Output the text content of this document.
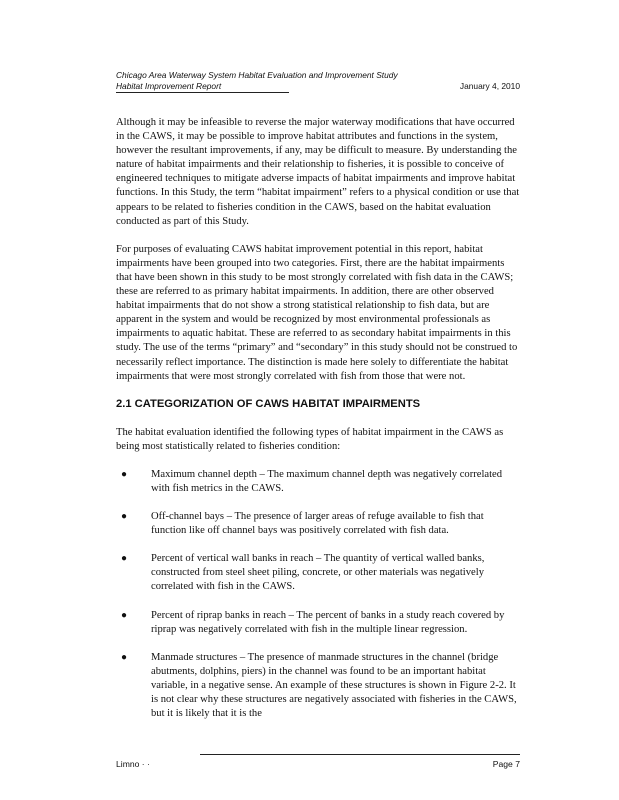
Chicago Area Waterway System Habitat Evaluation and Improvement Study
Habitat Improvement Report	January 4, 2010

Although it may be infeasible to reverse the major waterway modifications that have occurred in the CAWS, it may be possible to improve habitat attributes and functions in the system, however the resultant improvements, if any, may be difficult to measure. By understanding the nature of habitat impairments and their relationship to fisheries, it is possible to conceive of engineered techniques to mitigate adverse impacts of habitat impairments and improve habitat functions. In this Study, the term “habitat impairment” refers to a physical condition or use that appears to be related to fisheries condition in the CAWS, based on the habitat evaluation conducted as part of this Study.

For purposes of evaluating CAWS habitat improvement potential in this report, habitat impairments have been grouped into two categories. First, there are the habitat impairments that have been shown in this study to be most strongly correlated with fish data in the CAWS; these are referred to as primary habitat impairments. In addition, there are other observed habitat impairments that do not show a strong statistical relationship to fish data, but are apparent in the system and would be recognized by most environmental professionals as impairments to aquatic habitat. These are referred to as secondary habitat impairments in this study. The use of the terms “primary” and “secondary” in this study should not be construed to necessarily reflect importance. The distinction is made here solely to differentiate the habitat impairments that were most strongly correlated with fish from those that were not.

2.1 CATEGORIZATION OF CAWS HABITAT IMPAIRMENTS

The habitat evaluation identified the following types of habitat impairment in the CAWS as being most statistically related to fisheries condition:

● Maximum channel depth – The maximum channel depth was negatively correlated with fish metrics in the CAWS.
● Off-channel bays – The presence of larger areas of refuge available to fish that function like off channel bays was positively correlated with fish data.
● Percent of vertical wall banks in reach – The quantity of vertical walled banks, constructed from steel sheet piling, concrete, or other materials was negatively correlated with fish in the CAWS.
● Percent of riprap banks in reach – The percent of banks in a study reach covered by riprap was negatively correlated with fish in the multiple linear regression.
● Manmade structures – The presence of manmade structures in the channel (bridge abutments, dolphins, piers) in the channel was found to be an important habitat variable, in a negative sense. An example of these structures is shown in Figure 2-2. It is not clear why these structures are negatively associated with fisheries in the CAWS, but it is likely that it is the
Limno · ·	Page 7
